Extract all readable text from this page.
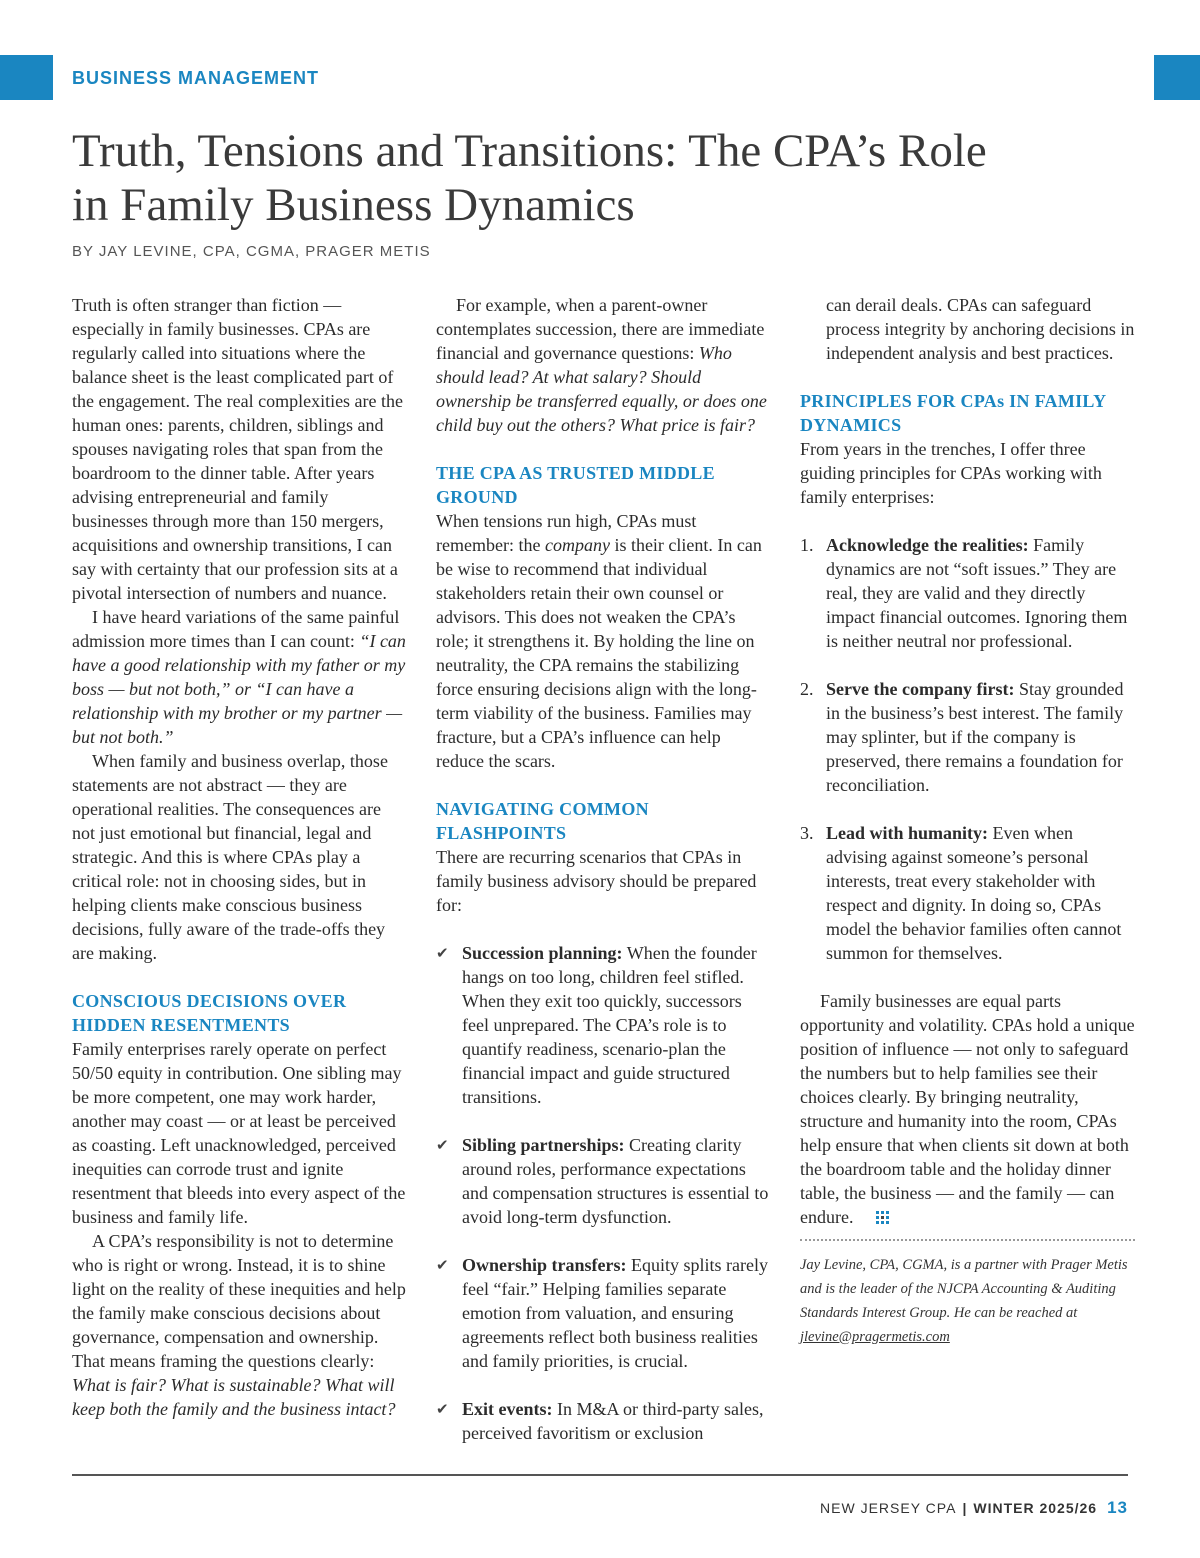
BUSINESS MANAGEMENT
Truth, Tensions and Transitions: The CPA’s Role
in Family Business Dynamics
BY JAY LEVINE, CPA, CGMA, PRAGER METIS

Truth is often stranger than fiction — especially in family businesses. CPAs are regularly called into situations where the balance sheet is the least complicated part of the engagement. The real complexities are the human ones: parents, children, siblings and spouses navigating roles that span from the boardroom to the dinner table. After years advising entrepreneurial and family businesses through more than 150 mergers, acquisitions and ownership transitions, I can say with certainty that our profession sits at a pivotal intersection of numbers and nuance.

I have heard variations of the same painful admission more times than I can count: “I can have a good relationship with my father or my boss — but not both,” or “I can have a relationship with my brother or my partner — but not both.”

When family and business overlap, those statements are not abstract — they are operational realities. The consequences are not just emotional but financial, legal and strategic. And this is where CPAs play a critical role: not in choosing sides, but in helping clients make conscious business decisions, fully aware of the trade-offs they are making.

CONSCIOUS DECISIONS OVER HIDDEN RESENTMENTS

Family enterprises rarely operate on perfect 50/50 equity in contribution. One sibling may be more competent, one may work harder, another may coast — or at least be perceived as coasting. Left unacknowledged, perceived inequities can corrode trust and ignite resentment that bleeds into every aspect of the business and family life.

A CPA’s responsibility is not to determine who is right or wrong. Instead, it is to shine light on the reality of these inequities and help the family make conscious decisions about governance, compensation and ownership. That means framing the questions clearly: What is fair? What is sustainable? What will keep both the family and the business intact?

For example, when a parent-owner contemplates succession, there are immediate financial and governance questions: Who should lead? At what salary? Should ownership be transferred equally, or does one child buy out the others? What price is fair?

THE CPA AS TRUSTED MIDDLE GROUND

When tensions run high, CPAs must remember: the company is their client. In can be wise to recommend that individual stakeholders retain their own counsel or advisors. This does not weaken the CPA’s role; it strengthens it. By holding the line on neutrality, the CPA remains the stabilizing force ensuring decisions align with the long-term viability of the business. Families may fracture, but a CPA’s influence can help reduce the scars.

NAVIGATING COMMON FLASHPOINTS

There are recurring scenarios that CPAs in family business advisory should be prepared for:

✔ Succession planning: When the founder hangs on too long, children feel stifled. When they exit too quickly, successors feel unprepared. The CPA’s role is to quantify readiness, scenario-plan the financial impact and guide structured transitions.
✔ Sibling partnerships: Creating clarity around roles, performance expectations and compensation structures is essential to avoid long-term dysfunction.
✔ Ownership transfers: Equity splits rarely feel “fair.” Helping families separate emotion from valuation, and ensuring agreements reflect both business realities and family priorities, is crucial.
✔ Exit events: In M&A or third-party sales, perceived favoritism or exclusion

can derail deals. CPAs can safeguard process integrity by anchoring decisions in independent analysis and best practices.

PRINCIPLES FOR CPAs IN FAMILY DYNAMICS

From years in the trenches, I offer three guiding principles for CPAs working with family enterprises:

1. Acknowledge the realities: Family dynamics are not “soft issues.” They are real, they are valid and they directly impact financial outcomes. Ignoring them is neither neutral nor professional.
2. Serve the company first: Stay grounded in the business’s best interest. The family may splinter, but if the company is preserved, there remains a foundation for reconciliation.
3. Lead with humanity: Even when advising against someone’s personal interests, treat every stakeholder with respect and dignity. In doing so, CPAs model the behavior families often cannot summon for themselves.

Family businesses are equal parts opportunity and volatility. CPAs hold a unique position of influence — not only to safeguard the numbers but to help families see their choices clearly. By bringing neutrality, structure and humanity into the room, CPAs help ensure that when clients sit down at both the boardroom table and the holiday dinner table, the business — and the family — can endure.

Jay Levine, CPA, CGMA, is a partner with Prager Metis and is the leader of the NJCPA Accounting & Auditing Standards Interest Group. He can be reached at jlevine@pragermetis.com

NEW JERSEY CPA | WINTER 2025/26 13
